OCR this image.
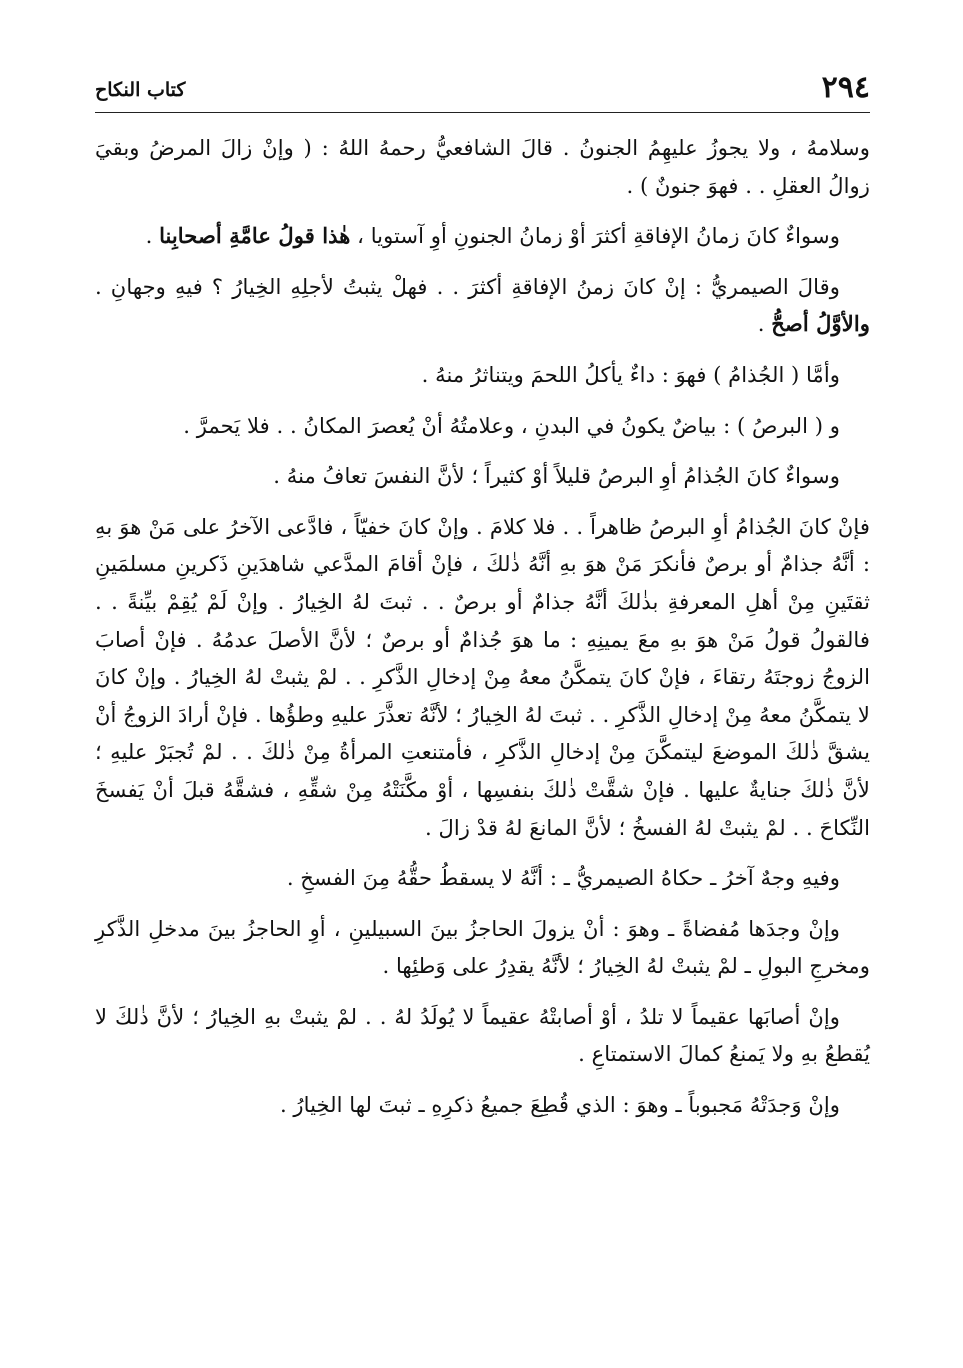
٢٩٤
كتاب النكاح

وسلامهُ ، ولا يجوزُ عليهِمُ الجنونُ . قالَ الشافعيُّ رحمهُ اللهُ : ( وإنْ زالَ المرضُ وبقيَ زوالُ العقلِ . . فهوَ جنونٌ ) .

وسواءٌ كانَ زمانُ الإفاقةِ أكثرَ أوْ زمانُ الجنونِ أوِ آستويا ، هٰذا قولُ عامَّةِ أصحابِنا .

وقالَ الصيمريُّ : إنْ كانَ زمنُ الإفاقةِ أكثرَ . . فهلْ يثبتُ لأجلِهِ الخِيارُ ؟ فيهِ وجهانِ . والأوَّلُ أصحُّ .

وأمَّا ( الجُذامُ ) فهوَ : داءٌ يأكلُ اللحمَ ويتناثرُ منهُ .

و ( البرصُ ) : بياضٌ يكونُ في البدنِ ، وعلامتُهُ أنْ يُعصرَ المكانُ . . فلا يَحمرَّ .

وسواءٌ كانَ الجُذامُ أوِ البرصُ قليلاً أوْ كثيراً ؛ لأنَّ النفسَ تعافُ منهُ .

فإنْ كانَ الجُذامُ أوِ البرصُ ظاهراً . . فلا كلامَ . وإنْ كانَ خفيّاً ، فادَّعى الآخرُ على مَنْ هوَ بهِ : أنَّهُ جذامٌ أو برصٌ فأنكرَ مَنْ هوَ بهِ أنَّهُ ذٰلكَ ، فإنْ أقامَ المدَّعي شاهدَينِ ذَكرينِ مسلمَينِ ثقتَينِ مِنْ أهلِ المعرفةِ بذٰلكَ أنَّهُ جذامٌ أو برصٌ . . ثبتَ لهُ الخِيارُ . وإنْ لَمْ يُقِمْ بيِّنةً . . فالقولُ قولُ مَنْ هوَ بهِ معَ يمينِهِ : ما هوَ جُذامٌ أو برصٌ ؛ لأنَّ الأصلَ عدمُهُ . فإنْ أصابَ الزوجُ زوجتَهُ رتقاءَ ، فإنْ كانَ يتمكَّنُ معهُ مِنْ إدخالِ الذَّكرِ . . لمْ يثبتْ لهُ الخِيارُ . وإنْ كانَ لا يتمكَّنُ معهُ مِنْ إدخالِ الذَّكرِ . . ثبتَ لهُ الخِيارُ ؛ لأنَّهُ تعذَّرَ عليهِ وطؤُها . فإنْ أرادَ الزوجُ أنْ يشقَّ ذٰلكَ الموضعَ ليتمكَّنَ مِنْ إدخالِ الذَّكرِ ، فأمتنعتِ المرأةُ مِنْ ذٰلكَ . . لمْ تُجبَرْ عليهِ ؛ لأنَّ ذٰلكَ جنايةٌ عليها . فإنْ شقَّتْ ذٰلكَ بنفسِها ، أوْ مكَّنَتْهُ مِنْ شقِّهِ ، فشقَّهُ قبلَ أنْ يَفسخَ النِّكاحَ . . لمْ يثبتْ لهُ الفسخُ ؛ لأنَّ المانعَ لهُ قدْ زالَ .

وفيهِ وجهٌ آخرُ ـ حكاهُ الصيمريُّ ـ : أنَّهُ لا يسقطُ حقُّهُ مِنَ الفسخِ .

وإنْ وجدَها مُفضاةً ـ وهوَ : أنْ يزولَ الحاجزُ بينَ السبيلينِ ، أوِ الحاجزُ بينَ مدخلِ الذَّكرِ ومخرجِ البولِ ـ لمْ يثبتْ لهُ الخِيارُ ؛ لأنَّهُ يقدِرُ على وَطئِها .

وإنْ أصابَها عقيماً لا تلدُ ، أوْ أصابتْهُ عقيماً لا يُولَدُ لهُ . . لمْ يثبتْ بهِ الخِيارُ ؛ لأنَّ ذٰلكَ لا يُقطعُ بهِ ولا يَمنعُ كمالَ الاستمتاعِ .

وإنْ وَجدَتْهُ مَجبوباً ـ وهوَ : الذي قُطِعَ جميعُ ذكرِهِ ـ ثبتَ لها الخِيارُ .
